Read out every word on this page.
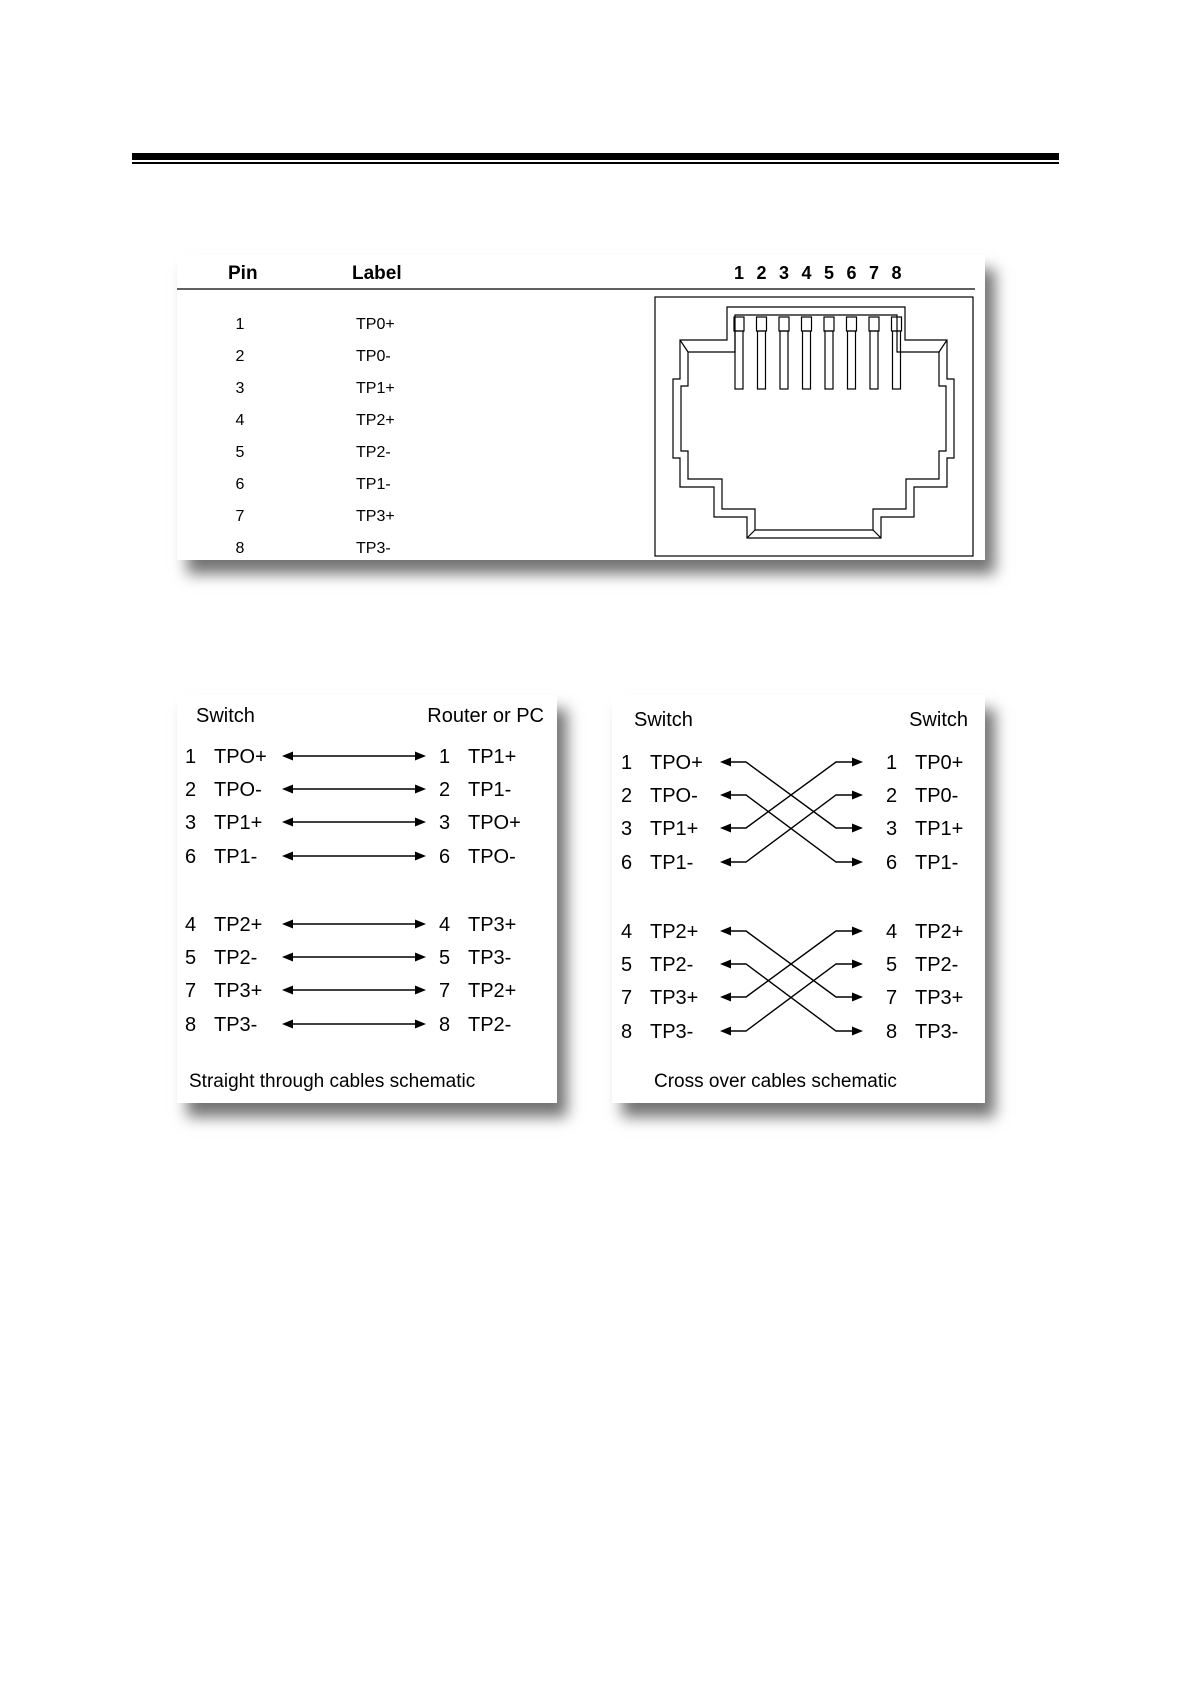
Pin	Label
1	TP0+
2	TP0-
3	TP1+
4	TP2+
5	TP2-
6	TP1-
7	TP3+
8	TP3-
1 2 3 4 5 6 7 8
Switch	Router or PC
1 TPO+	1 TP1+
2 TPO-	2 TP1-
3 TP1+	3 TPO+
6 TP1-	6 TPO-
4 TP2+	4 TP3+
5 TP2-	5 TP3-
7 TP3+	7 TP2+
8 TP3-	8 TP2-
Straight through cables schematic
Switch	Switch
1 TPO+	1 TP0+
2 TPO-	2 TP0-
3 TP1+	3 TP1+
6 TP1-	6 TP1-
4 TP2+	4 TP2+
5 TP2-	5 TP2-
7 TP3+	7 TP3+
8 TP3-	8 TP3-
Cross over cables schematic
